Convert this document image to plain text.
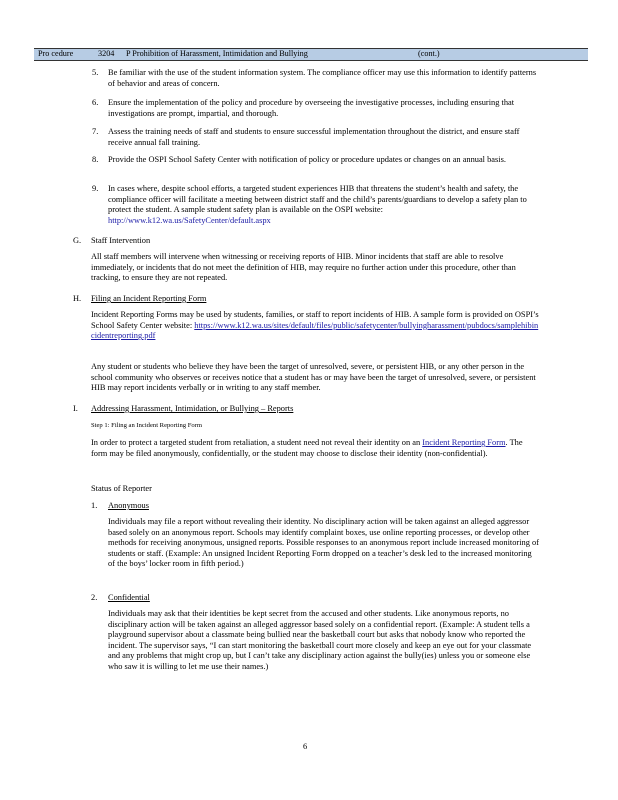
Pro cedure	3204 P Prohibition of Harassment, Intimidation and Bullying	(cont.)
5. Be familiar with the use of the student information system. The compliance officer may use this information to identify patterns of behavior and areas of concern.
6. Ensure the implementation of the policy and procedure by overseeing the investigative processes, including ensuring that investigations are prompt, impartial, and thorough.
7. Assess the training needs of staff and students to ensure successful implementation throughout the district, and ensure staff receive annual fall training.
8. Provide the OSPI School Safety Center with notification of policy or procedure updates or changes on an annual basis.
9. In cases where, despite school efforts, a targeted student experiences HIB that threatens the student’s health and safety, the compliance officer will facilitate a meeting between district staff and the child’s parents/guardians to develop a safety plan to protect the student. A sample student safety plan is available on the OSPI website: http://www.k12.wa.us/SafetyCenter/default.aspx
G. Staff Intervention
All staff members will intervene when witnessing or receiving reports of HIB. Minor incidents that staff are able to resolve immediately, or incidents that do not meet the definition of HIB, may require no further action under this procedure, other than tracking, to ensure they are not repeated.
H. Filing an Incident Reporting Form
Incident Reporting Forms may be used by students, families, or staff to report incidents of HIB. A sample form is provided on OSPI’s School Safety Center website: https://www.k12.wa.us/sites/default/files/public/safetycenter/bullyingharassment/pubdocs/samplehibincidentreporting.pdf
Any student or students who believe they have been the target of unresolved, severe, or persistent HIB, or any other person in the school community who observes or receives notice that a student has or may have been the target of unresolved, severe, or persistent HIB may report incidents verbally or in writing to any staff member.
I. Addressing Harassment, Intimidation, or Bullying – Reports
Step 1: Filing an Incident Reporting Form
In order to protect a targeted student from retaliation, a student need not reveal their identity on an Incident Reporting Form. The form may be filed anonymously, confidentially, or the student may choose to disclose their identity (non-confidential).
Status of Reporter
1. Anonymous
Individuals may file a report without revealing their identity. No disciplinary action will be taken against an alleged aggressor based solely on an anonymous report. Schools may identify complaint boxes, use online reporting processes, or develop other methods for receiving anonymous, unsigned reports. Possible responses to an anonymous report include increased monitoring of students or staff. (Example: An unsigned Incident Reporting Form dropped on a teacher’s desk led to the increased monitoring of the boys’ locker room in fifth period.)
2. Confidential
Individuals may ask that their identities be kept secret from the accused and other students. Like anonymous reports, no disciplinary action will be taken against an alleged aggressor based solely on a confidential report. (Example: A student tells a playground supervisor about a classmate being bullied near the basketball court but asks that nobody know who reported the incident. The supervisor says, “I can start monitoring the basketball court more closely and keep an eye out for your classmate and any problems that might crop up, but I can’t take any disciplinary action against the bully(ies) unless you or someone else who saw it is willing to let me use their names.)
6
